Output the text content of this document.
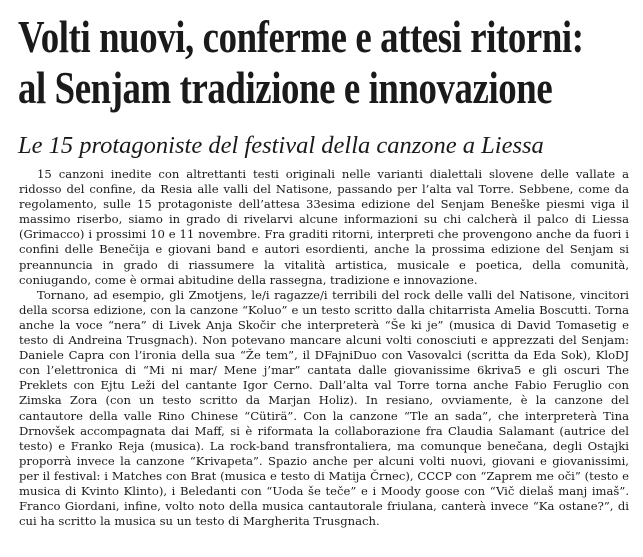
Volti nuovi, conferme e attesi ritorni:
al Senjam tradizione e innovazione
Le 15 protagoniste del festival della canzone a Liessa

15 canzoni inedite con altrettanti testi originali nelle varianti dialettali slovene delle vallate a ridosso del confine, da Resia alle valli del Natisone, passando per l’alta val Torre. Sebbene, come da regolamento, sulle 15 protagoniste dell’attesa 33esima edizione del Senjam Beneške piesmi viga il massimo riserbo, siamo in grado di rivelarvi alcune informazioni su chi calcherà il palco di Liessa (Grimacco) i prossimi 10 e 11 novembre. Fra graditi ritorni, interpreti che provengono anche da fuori i confini delle Benečija e giovani band e autori esordienti, anche la prossima edizione del Senjam si preannuncia in grado di riassumere la vitalità artistica, musicale e poetica, della comunità, coniugando, come è ormai abitudine della rassegna, tradizione e innovazione.

Tornano, ad esempio, gli Zmotjens, le/i ragazze/i terribili del rock delle valli del Natisone, vincitori della scorsa edizione, con la canzone “Koluo” e un testo scritto dalla chitarrista Amelia Boscutti. Torna anche la voce “nera” di Livek Anja Skočir che interpreterà “Še ki je” (musica di David Tomasetig e testo di Andreina Trusgnach). Non potevano mancare alcuni volti conosciuti e apprezzati del Senjam: Daniele Capra con l’ironia della sua “Že tem”, il DFajniDuo con Vasovalci (scritta da Eda Sok), KloDJ con l’elettronica di “Mi ni mar/ Mene j’mar” cantata dalle giovanissime 6kriva5 e gli oscuri The Preklets con Ejtu Leži del cantante Igor Cerno. Dall’alta val Torre torna anche Fabio Feruglio con Zimska Zora (con un testo scritto da Marjan Holiz). In resiano, ovviamente, è la canzone del cantautore della valle Rino Chinese “Cütirä”. Con la canzone “Tle an sada”, che interpreterà Tina Drnovšek accompagnata dai Maff, si è riformata la collaborazione fra Claudia Salamant (autrice del testo) e Franko Reja (musica). La rock-band transfrontaliera, ma comunque benečana, degli Ostajki proporrà invece la canzone “Krivapeta”. Spazio anche per alcuni volti nuovi, giovani e giovanissimi, per il festival: i Matches con Brat (musica e testo di Matija Črnec), CCCP con “Zaprem me oči” (testo e musica di Kvinto Klinto), i Beledanti con “Uoda še teče” e i Moody goose con “Vič dielaš manj imaš”. Franco Giordani, infine, volto noto della musica cantautorale friulana, canterà invece “Ka ostane?”, di cui ha scritto la musica su un testo di Margherita Trusgnach.
